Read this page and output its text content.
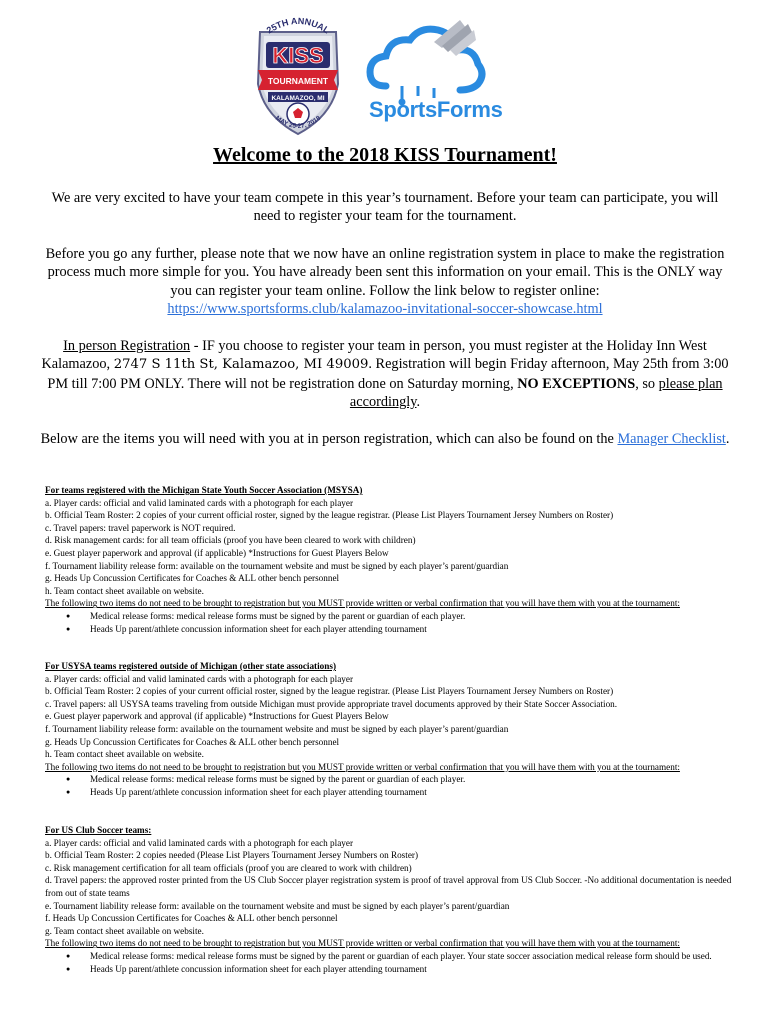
25TH ANNUAL
KISS
TOURNAMENT
KALAMAZOO, MI
MAY 25-27, 2018 SportsForms
Welcome to the 2018 KISS Tournament!
We are very excited to have your team compete in this year’s tournament. Before your team can participate, you will need to register your team for the tournament.
Before you go any further, please note that we now have an online registration system in place to make the registration process much more simple for you. You have already been sent this information on your email. This is the ONLY way you can register your team online. Follow the link below to register online:
https://www.sportsforms.club/kalamazoo-invitational-soccer-showcase.html
In person Registration - IF you choose to register your team in person, you must register at the Holiday Inn West Kalamazoo, 2747 S 11th St, Kalamazoo, MI 49009. Registration will begin Friday afternoon, May 25th from 3:00 PM till 7:00 PM ONLY. There will not be registration done on Saturday morning, NO EXCEPTIONS, so please plan accordingly.
Below are the items you will need with you at in person registration, which can also be found on the Manager Checklist.
For teams registered with the Michigan State Youth Soccer Association (MSYSA)
a. Player cards: official and valid laminated cards with a photograph for each player
b. Official Team Roster: 2 copies of your current official roster, signed by the league registrar. (Please List Players Tournament Jersey Numbers on Roster)
c. Travel papers: travel paperwork is NOT required.
d. Risk management cards: for all team officials (proof you have been cleared to work with children)
e. Guest player paperwork and approval (if applicable) *Instructions for Guest Players Below
f. Tournament liability release form: available on the tournament website and must be signed by each player’s parent/guardian
g. Heads Up Concussion Certificates for Coaches & ALL other bench personnel
h. Team contact sheet available on website.
The following two items do not need to be brought to registration but you MUST provide written or verbal confirmation that you will have them with you at the tournament:
● Medical release forms: medical release forms must be signed by the parent or guardian of each player.
● Heads Up parent/athlete concussion information sheet for each player attending tournament
For USYSA teams registered outside of Michigan (other state associations)
a. Player cards: official and valid laminated cards with a photograph for each player
b. Official Team Roster: 2 copies of your current official roster, signed by the league registrar. (Please List Players Tournament Jersey Numbers on Roster)
c. Travel papers: all USYSA teams traveling from outside Michigan must provide appropriate travel documents approved by their State Soccer Association.
e. Guest player paperwork and approval (if applicable) *Instructions for Guest Players Below
f. Tournament liability release form: available on the tournament website and must be signed by each player’s parent/guardian
g. Heads Up Concussion Certificates for Coaches & ALL other bench personnel
h. Team contact sheet available on website.
The following two items do not need to be brought to registration but you MUST provide written or verbal confirmation that you will have them with you at the tournament:
● Medical release forms: medical release forms must be signed by the parent or guardian of each player.
● Heads Up parent/athlete concussion information sheet for each player attending tournament
For US Club Soccer teams:
a. Player cards: official and valid laminated cards with a photograph for each player
b. Official Team Roster: 2 copies needed (Please List Players Tournament Jersey Numbers on Roster)
c. Risk management certification for all team officials (proof you are cleared to work with children)
d. Travel papers: the approved roster printed from the US Club Soccer player registration system is proof of travel approval from US Club Soccer. -No additional documentation is needed from out of state teams
e. Tournament liability release form: available on the tournament website and must be signed by each player’s parent/guardian
f. Heads Up Concussion Certificates for Coaches & ALL other bench personnel
g. Team contact sheet available on website.
The following two items do not need to be brought to registration but you MUST provide written or verbal confirmation that you will have them with you at the tournament:
● Medical release forms: medical release forms must be signed by the parent or guardian of each player. Your state soccer association medical release form should be used.
● Heads Up parent/athlete concussion information sheet for each player attending tournament
